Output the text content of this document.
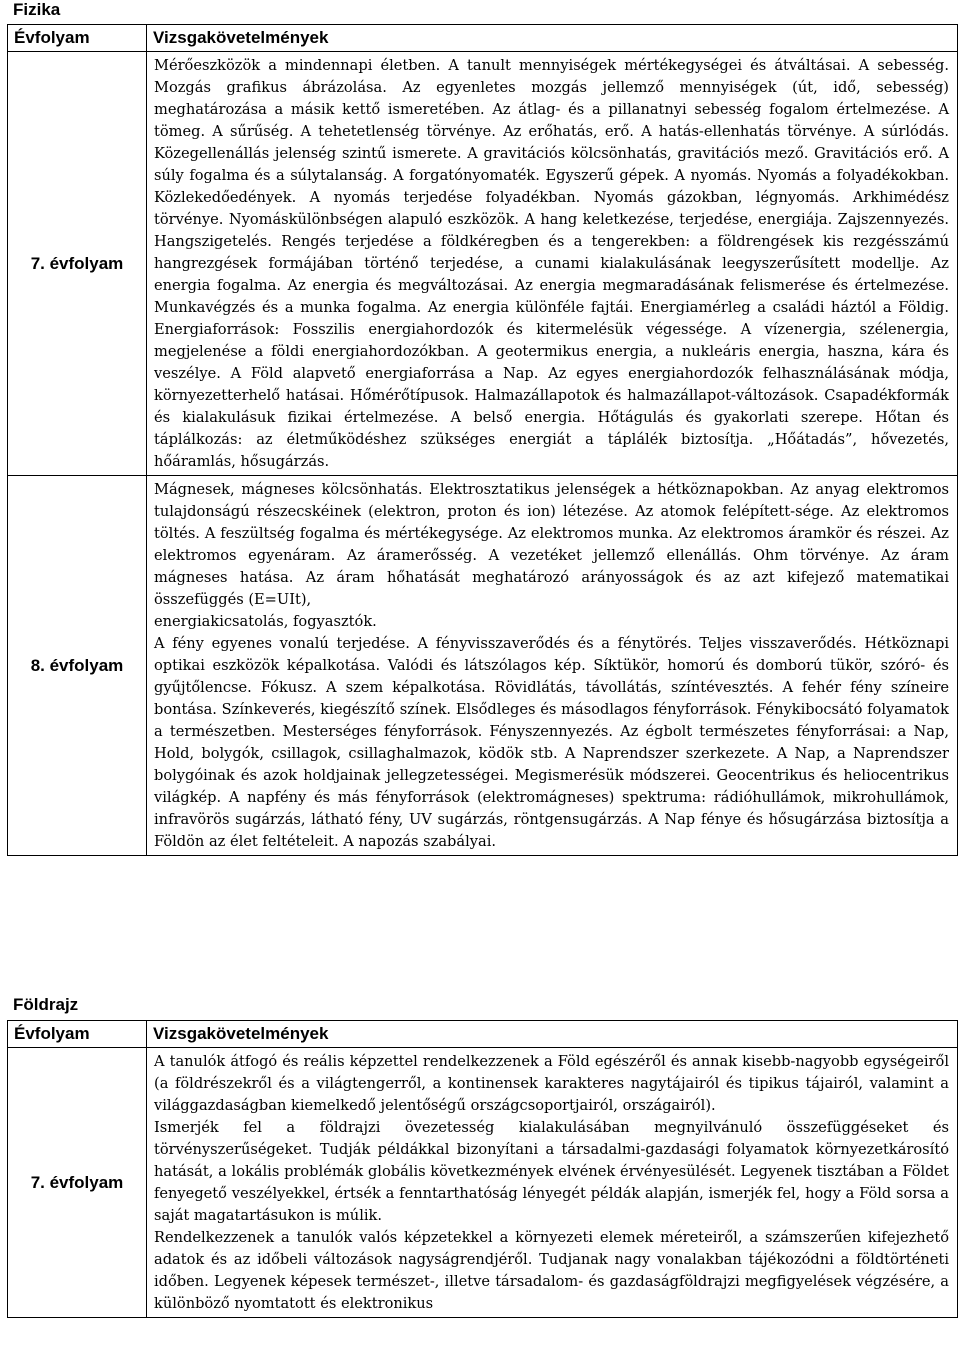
Fizika
Évfolyam	Vizsgakövetelmények
7. évfolyam	Mérőeszközök a mindennapi életben. A tanult mennyiségek mértékegységei és átváltásai. A sebesség. Mozgás grafikus ábrázolása. Az egyenletes mozgás jellemző mennyiségek (út, idő, sebesség) meghatározása a másik kettő ismeretében. Az átlag- és a pillanatnyi sebesség fogalom értelmezése. A tömeg. A sűrűség. A tehetetlenség törvénye. Az erőhatás, erő. A hatás-ellenhatás törvénye. A súrlódás. Közegellenállás jelenség szintű ismerete. A gravitációs kölcsönhatás, gravitációs mező. Gravitációs erő. A súly fogalma és a súlytalanság. A forgatónyomaték. Egyszerű gépek. A nyomás. Nyomás a folyadékokban. Közlekedőedények. A nyomás terjedése folyadékban. Nyomás gázokban, légnyomás. Arkhimédész törvénye. Nyomáskülönbségen alapuló eszközök. A hang keletkezése, terjedése, energiája. Zajszennyezés. Hangszigetelés. Rengés terjedése a földkéregben és a tengerekben: a földrengések kis rezgésszámú hangrezgések formájában történő terjedése, a cunami kialakulásának leegyszerűsített modellje. Az energia fogalma. Az energia és megváltozásai. Az energia megmaradásának felismerése és értelmezése. Munkavégzés és a munka fogalma. Az energia különféle fajtái. Energiamérleg a családi háztól a Földig. Energiaforrások: Fosszilis energiahordozók és kitermelésük végessége. A vízenergia, szélenergia, megjelenése a földi energiahordozókban. A geotermikus energia, a nukleáris energia, haszna, kára és veszélye. A Föld alapvető energiaforrása a Nap. Az egyes energiahordozók felhasználásának módja, környezetterhelő hatásai. Hőmérőtípusok. Halmazállapotok és halmazállapot-változások. Csapadékformák és kialakulásuk fizikai értelmezése. A belső energia. Hőtágulás és gyakorlati szerepe. Hőtan és táplálkozás: az életműködéshez szükséges energiát a táplálék biztosítja. „Hőátadás”, hővezetés, hőáramlás, hősugárzás.

8. évfolyam	Mágnesek, mágneses kölcsönhatás. Elektrosztatikus jelenségek a hétköznapokban. Az anyag elektromos tulajdonságú részecskéinek (elektron, proton és ion) létezése. Az atomok felépített-sége. Az elektromos töltés. A feszültség fogalma és mértékegysége. Az elektromos munka. Az elektromos áramkör és részei. Az elektromos egyenáram. Az áramerősség. A vezetéket jellemző ellenállás. Ohm törvénye. Az áram mágneses hatása. Az áram hőhatását meghatározó arányosságok és az azt kifejező matematikai összefüggés (E=UIt),

energiakicsatolás, fogyasztók.

A fény egyenes vonalú terjedése. A fényvisszaverődés és a fénytörés. Teljes visszaverődés. Hétköznapi optikai eszközök képalkotása. Valódi és látszólagos kép. Síktükör, homorú és domború tükör, szóró- és gyűjtőlencse. Fókusz. A szem képalkotása. Rövidlátás, távollátás, színtévesztés. A fehér fény színeire bontása. Színkeverés, kiegészítő színek. Elsődleges és másodlagos fényforrások. Fénykibocsátó folyamatok a természetben. Mesterséges fényforrások. Fényszennyezés. Az égbolt természetes fényforrásai: a Nap, Hold, bolygók, csillagok, csillaghalmazok, ködök stb. A Naprendszer szerkezete. A Nap, a Naprendszer bolygóinak és azok holdjainak jellegzetességei. Megismerésük módszerei. Geocentrikus és heliocentrikus világkép. A napfény és más fényforrások (elektromágneses) spektruma: rádióhullámok, mikrohullámok, infravörös sugárzás, látható fény, UV sugárzás, röntgensugárzás. A Nap fénye és hősugárzása biztosítja a Földön az élet feltételeit. A napozás szabályai.

Földrajz
Évfolyam	Vizsgakövetelmények
7. évfolyam	A tanulók átfogó és reális képzettel rendelkezzenek a Föld egészéről és annak kisebb-nagyobb egységeiről (a földrészekről és a világtengerről, a kontinensek karakteres nagytájairól és tipikus tájairól, valamint a világgazdaságban kiemelkedő jelentőségű országcsoportjairól, országairól).

Ismerjék fel a földrajzi övezetesség kialakulásában megnyilvánuló összefüggéseket és törvényszerűségeket. Tudják példákkal bizonyítani a társadalmi-gazdasági folyamatok környezetkárosító hatását, a lokális problémák globális következmények elvének érvényesülését. Legyenek tisztában a Földet fenyegető veszélyekkel, értsék a fenntarthatóság lényegét példák alapján, ismerjék fel, hogy a Föld sorsa a saját magatartásukon is múlik.

Rendelkezzenek a tanulók valós képzetekkel a környezeti elemek méreteiről, a számszerűen kifejezhető adatok és az időbeli változások nagyságrendjéről. Tudjanak nagy vonalakban tájékozódni a földtörténeti időben. Legyenek képesek természet-, illetve társadalom- és gazdaságföldrajzi megfigyelések végzésére, a különböző nyomtatott és elektronikus
